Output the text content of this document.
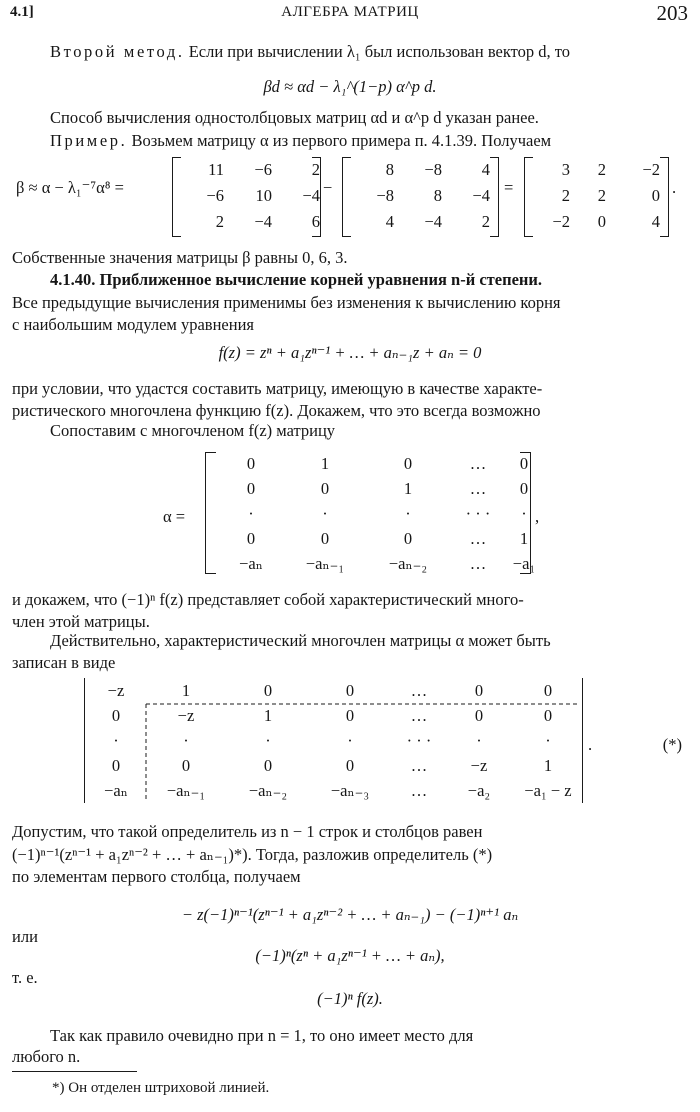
4.1]	АЛГЕБРА МАТРИЦ	203
Второй метод. Если при вычислении λ₁ был использован вектор d, то
βd ≈ αd − λ₁^(1−p) α^p d.
Способ вычисления одностолбцовых матриц αd и α^p d указан ранее.
Пример. Возьмем матрицу α из первого примера п. 4.1.39. Получаем
β ≈ α − λ₁⁻⁷α⁸ =
11	−6	2
−6	10	−4
2	−4	6
−
8	−8	4
−8	8	−4
4	−4	2
=
3	2	−2
2	2	0
−2	0	4
.
Собственные значения матрицы β равны 0, 6, 3.
4.1.40. Приближенное вычисление корней уравнения n-й степени.
Все предыдущие вычисления применимы без изменения к вычислению корня
с наибольшим модулем уравнения
f(z) = zⁿ + a₁zⁿ⁻¹ + … + aₙ₋₁z + aₙ = 0
при условии, что удастся составить матрицу, имеющую в качестве характе-
ристического многочлена функцию f(z). Докажем, что это всегда возможно
Сопоставим с многочленом f(z) матрицу
α =
0	1	0	…	0
0	0	1	…	0
·	·	·	· · ·	·
0	0	0	…	1
−aₙ	−aₙ₋₁	−aₙ₋₂	…	−a₁
,
и докажем, что (−1)ⁿ f(z) представляет собой характеристический много-
член этой матрицы.
Действительно, характеристический многочлен матрицы α может быть
записан в виде
−z	1	0	0	…	0	0
0	−z	1	0	…	0	0
·	·	·	·	· · ·	·	·
0	0	0	0	…	−z	1
−aₙ	−aₙ₋₁	−aₙ₋₂	−aₙ₋₃	…	−a₂	−a₁ − z
.	(*)
Допустим, что такой определитель из n − 1 строк и столбцов равен
(−1)ⁿ⁻¹(zⁿ⁻¹ + a₁zⁿ⁻² + … + aₙ₋₁)*). Тогда, разложив определитель (*)
по элементам первого столбца, получаем
− z(−1)ⁿ⁻¹(zⁿ⁻¹ + a₁zⁿ⁻² + … + aₙ₋₁) − (−1)ⁿ⁺¹ aₙ
или
(−1)ⁿ(zⁿ + a₁zⁿ⁻¹ + … + aₙ),
т. е.
(−1)ⁿ f(z).
Так как правило очевидно при n = 1, то оно имеет место для
любого n.
*) Он отделен штриховой линией.
